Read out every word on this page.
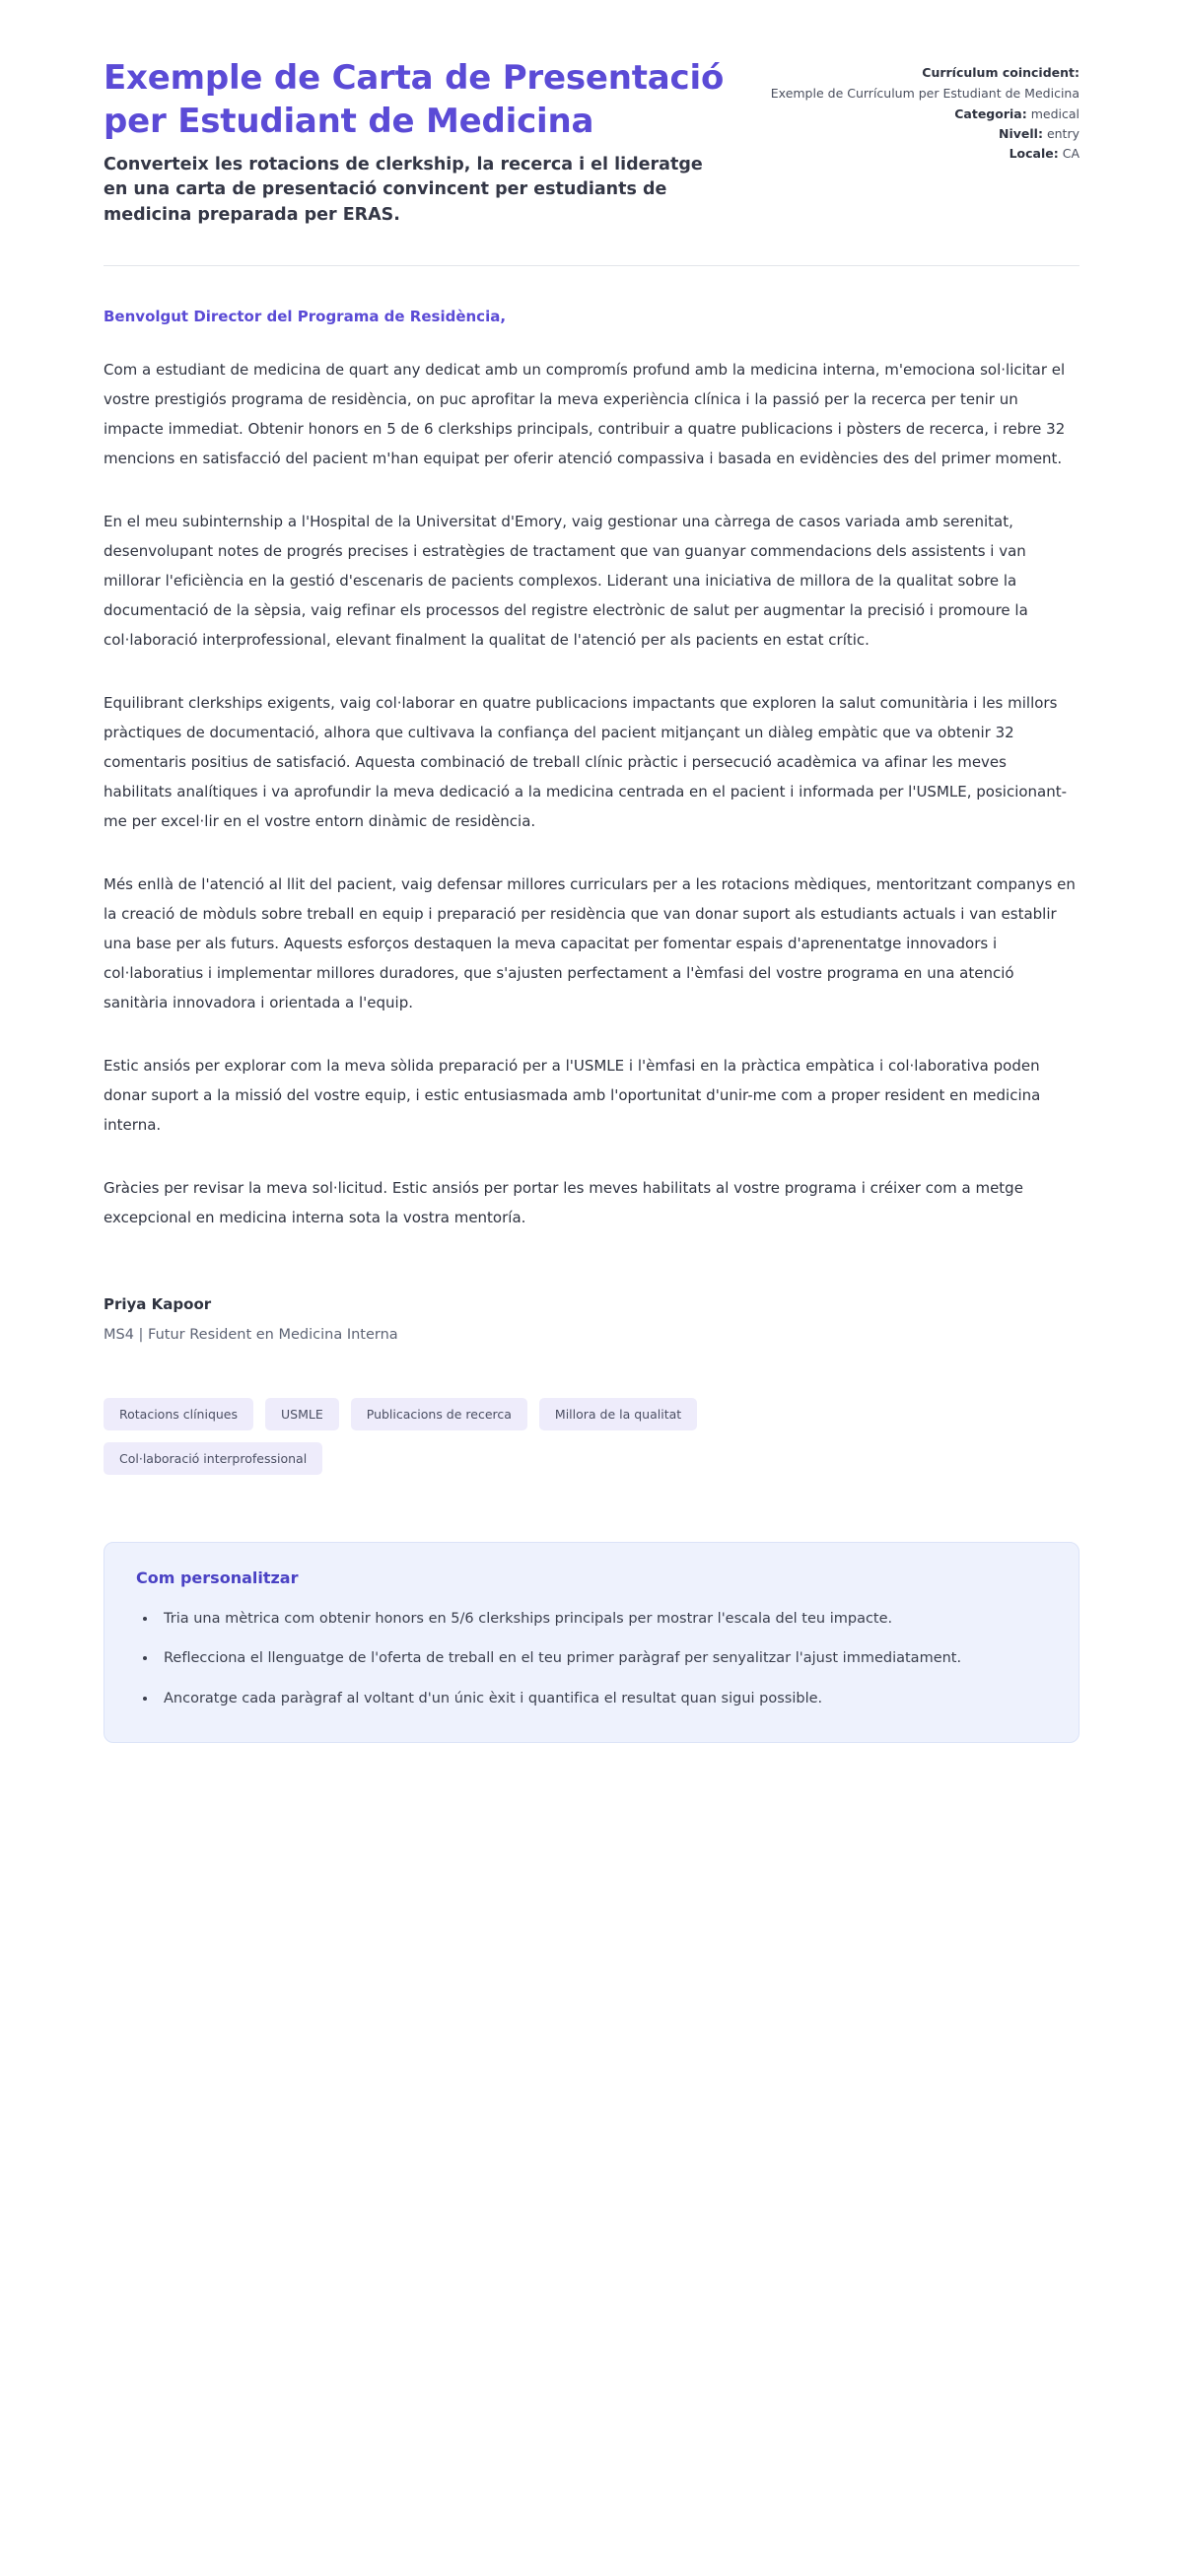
Exemple de Carta de Presentació per Estudiant de Medicina

Converteix les rotacions de clerkship, la recerca i el lideratge en una carta de presentació convincent per estudiants de medicina preparada per ERAS.

Currículum coincident:
Exemple de Currículum per Estudiant de Medicina
Categoria: medical
Nivell: entry
Locale: CA

Benvolgut Director del Programa de Residència,

Com a estudiant de medicina de quart any dedicat amb un compromís profund amb la medicina interna, m'emociona sol·licitar el vostre prestigiós programa de residència, on puc aprofitar la meva experiència clínica i la passió per la recerca per tenir un impacte immediat. Obtenir honors en 5 de 6 clerkships principals, contribuir a quatre publicacions i pòsters de recerca, i rebre 32 mencions en satisfacció del pacient m'han equipat per oferir atenció compassiva i basada en evidències des del primer moment.

En el meu subinternship a l'Hospital de la Universitat d'Emory, vaig gestionar una càrrega de casos variada amb serenitat, desenvolupant notes de progrés precises i estratègies de tractament que van guanyar commendacions dels assistents i van millorar l'eficiència en la gestió d'escenaris de pacients complexos. Liderant una iniciativa de millora de la qualitat sobre la documentació de la sèpsia, vaig refinar els processos del registre electrònic de salut per augmentar la precisió i promoure la col·laboració interprofessional, elevant finalment la qualitat de l'atenció per als pacients en estat crític.

Equilibrant clerkships exigents, vaig col·laborar en quatre publicacions impactants que exploren la salut comunitària i les millors pràctiques de documentació, alhora que cultivava la confiança del pacient mitjançant un diàleg empàtic que va obtenir 32 comentaris positius de satisfació. Aquesta combinació de treball clínic pràctic i persecució acadèmica va afinar les meves habilitats analítiques i va aprofundir la meva dedicació a la medicina centrada en el pacient i informada per l'USMLE, posicionant-me per excel·lir en el vostre entorn dinàmic de residència.

Més enllà de l'atenció al llit del pacient, vaig defensar millores curriculars per a les rotacions mèdiques, mentoritzant companys en la creació de mòduls sobre treball en equip i preparació per residència que van donar suport als estudiants actuals i van establir una base per als futurs. Aquests esforços destaquen la meva capacitat per fomentar espais d'aprenentatge innovadors i col·laboratius i implementar millores duradores, que s'ajusten perfectament a l'èmfasi del vostre programa en una atenció sanitària innovadora i orientada a l'equip.

Estic ansiós per explorar com la meva sòlida preparació per a l'USMLE i l'èmfasi en la pràctica empàtica i col·laborativa poden donar suport a la missió del vostre equip, i estic entusiasmada amb l'oportunitat d'unir-me com a proper resident en medicina interna.

Gràcies per revisar la meva sol·licitud. Estic ansiós per portar les meves habilitats al vostre programa i créixer com a metge excepcional en medicina interna sota la vostra mentoría.

Priya Kapoor

MS4 | Futur Resident en Medicina Interna

Rotacions clíniques	USMLE	Publicacions de recerca	Millora de la qualitat
Col·laboració interprofessional
Com personalitzar
• Tria una mètrica com obtenir honors en 5/6 clerkships principals per mostrar l'escala del teu impacte.
• Reflecciona el llenguatge de l'oferta de treball en el teu primer paràgraf per senyalitzar l'ajust immediatament.
• Ancoratge cada paràgraf al voltant d'un únic èxit i quantifica el resultat quan sigui possible.
